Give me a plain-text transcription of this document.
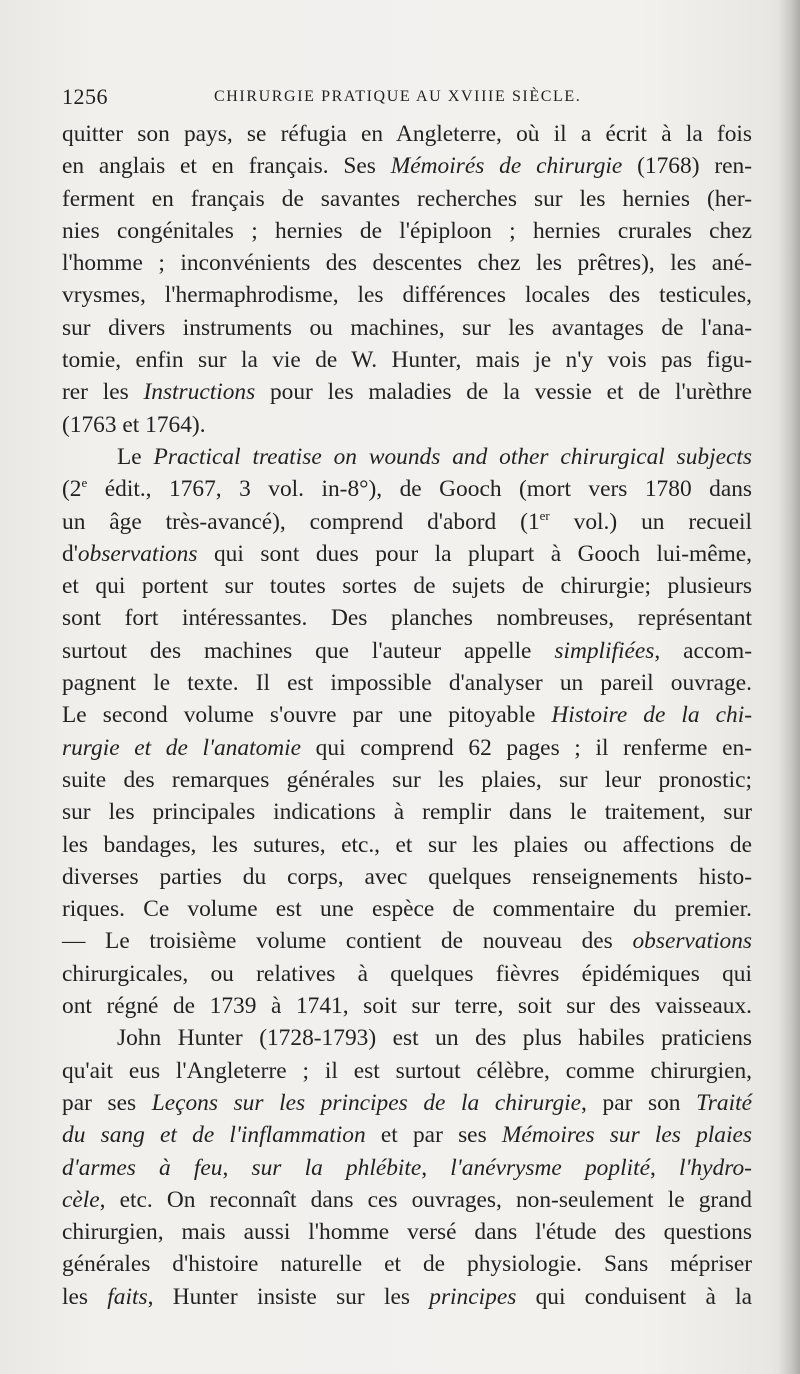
1256	CHIRURGIE PRATIQUE AU XVIIIE SIÈCLE.
quitter son pays, se réfugia en Angleterre, où il a écrit à la fois
en anglais et en français. Ses Mémoirés de chirurgie (1768) ren-
ferment en français de savantes recherches sur les hernies (her-
nies congénitales ; hernies de l'épiploon ; hernies crurales chez
l'homme ; inconvénients des descentes chez les prêtres), les ané-
vrysmes, l'hermaphrodisme, les différences locales des testicules,
sur divers instruments ou machines, sur les avantages de l'ana-
tomie, enfin sur la vie de W. Hunter, mais je n'y vois pas figu-
rer les Instructions pour les maladies de la vessie et de l'urèthre
(1763 et 1764).
Le Practical treatise on wounds and other chirurgical subjects
(2e édit., 1767, 3 vol. in-8°), de Gooch (mort vers 1780 dans
un âge très-avancé), comprend d'abord (1er vol.) un recueil
d'observations qui sont dues pour la plupart à Gooch lui-même,
et qui portent sur toutes sortes de sujets de chirurgie; plusieurs
sont fort intéressantes. Des planches nombreuses, représentant
surtout des machines que l'auteur appelle simplifiées, accom-
pagnent le texte. Il est impossible d'analyser un pareil ouvrage.
Le second volume s'ouvre par une pitoyable Histoire de la chi-
rurgie et de l'anatomie qui comprend 62 pages ; il renferme en-
suite des remarques générales sur les plaies, sur leur pronostic;
sur les principales indications à remplir dans le traitement, sur
les bandages, les sutures, etc., et sur les plaies ou affections de
diverses parties du corps, avec quelques renseignements histo-
riques. Ce volume est une espèce de commentaire du premier.
— Le troisième volume contient de nouveau des observations
chirurgicales, ou relatives à quelques fièvres épidémiques qui
ont régné de 1739 à 1741, soit sur terre, soit sur des vaisseaux.
John Hunter (1728-1793) est un des plus habiles praticiens
qu'ait eus l'Angleterre ; il est surtout célèbre, comme chirurgien,
par ses Leçons sur les principes de la chirurgie, par son Traité
du sang et de l'inflammation et par ses Mémoires sur les plaies
d'armes à feu, sur la phlébite, l'anévrysme poplité, l'hydro-
cèle, etc. On reconnaît dans ces ouvrages, non-seulement le grand
chirurgien, mais aussi l'homme versé dans l'étude des questions
générales d'histoire naturelle et de physiologie. Sans mépriser
les faits, Hunter insiste sur les principes qui conduisent à la
